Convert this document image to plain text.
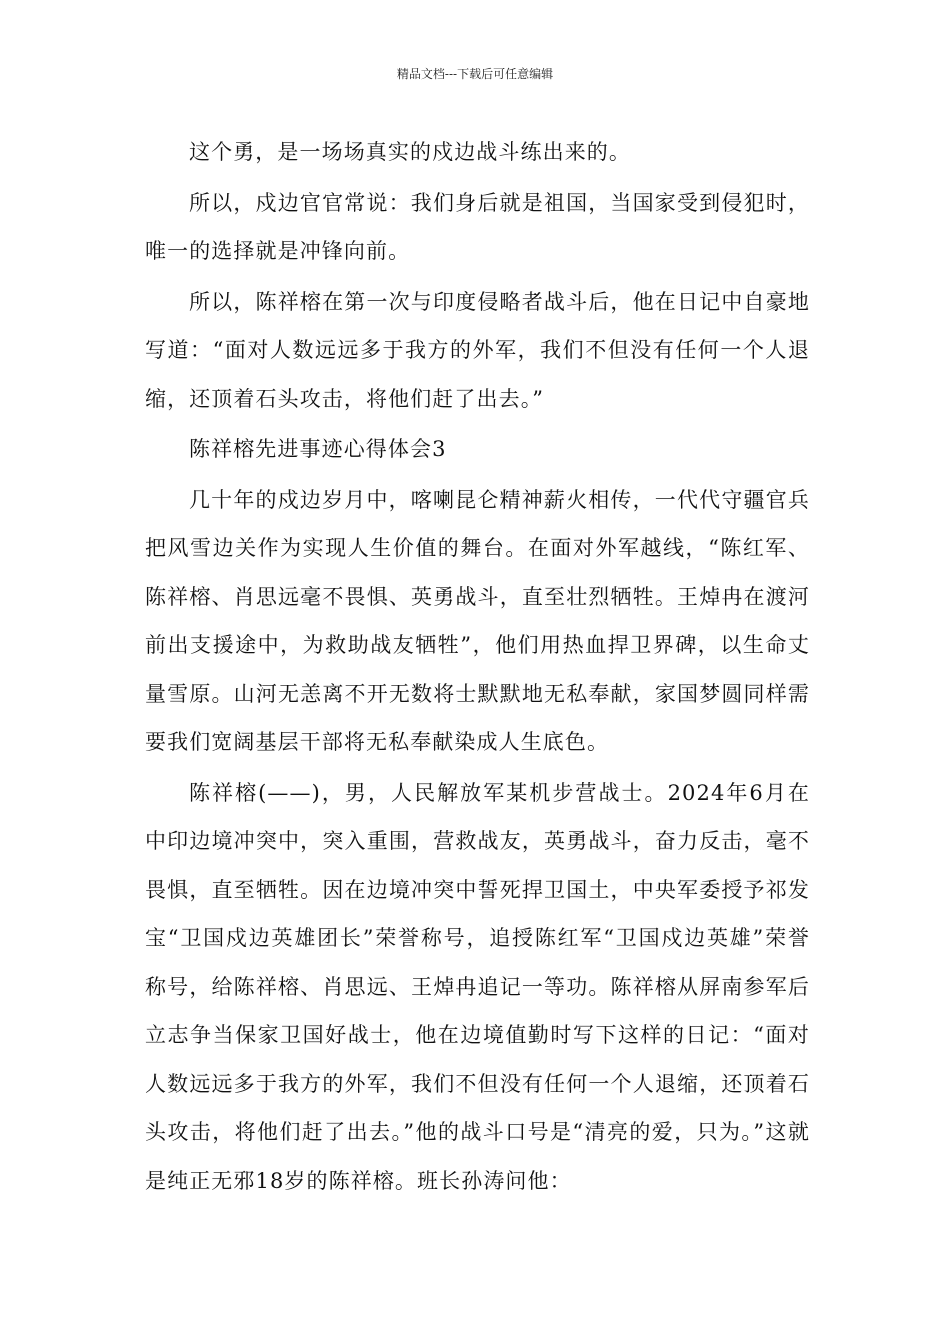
精品文档---下载后可任意编辑

这个勇，是一场场真实的戍边战斗练出来的。

所以，戍边官官常说：我们身后就是祖国，当国家受到侵犯时，唯一的选择就是冲锋向前。

所以，陈祥榕在第一次与印度侵略者战斗后，他在日记中自豪地写道：“面对人数远远多于我方的外军，我们不但没有任何一个人退缩，还顶着石头攻击，将他们赶了出去。”

陈祥榕先进事迹心得体会3

几十年的戍边岁月中，喀喇昆仑精神薪火相传，一代代守疆官兵把风雪边关作为实现人生价值的舞台。在面对外军越线，“陈红军、陈祥榕、肖思远毫不畏惧、英勇战斗，直至壮烈牺牲。王焯冉在渡河前出支援途中，为救助战友牺牲”，他们用热血捍卫界碑，以生命丈量雪原。山河无恙离不开无数将士默默地无私奉献，家国梦圆同样需要我们宽阔基层干部将无私奉献染成人生底色。

陈祥榕(——)，男，人民解放军某机步营战士。2024年6月在中印边境冲突中，突入重围，营救战友，英勇战斗，奋力反击，毫不畏惧，直至牺牲。因在边境冲突中誓死捍卫国土，中央军委授予祁发宝“卫国戍边英雄团长”荣誉称号，追授陈红军“卫国戍边英雄”荣誉称号，给陈祥榕、肖思远、王焯冉追记一等功。陈祥榕从屏南参军后立志争当保家卫国好战士，他在边境值勤时写下这样的日记：“面对人数远远多于我方的外军，我们不但没有任何一个人退缩，还顶着石头攻击，将他们赶了出去。”他的战斗口号是“清亮的爱，只为。”这就是纯正无邪18岁的陈祥榕。班长孙涛问他：
